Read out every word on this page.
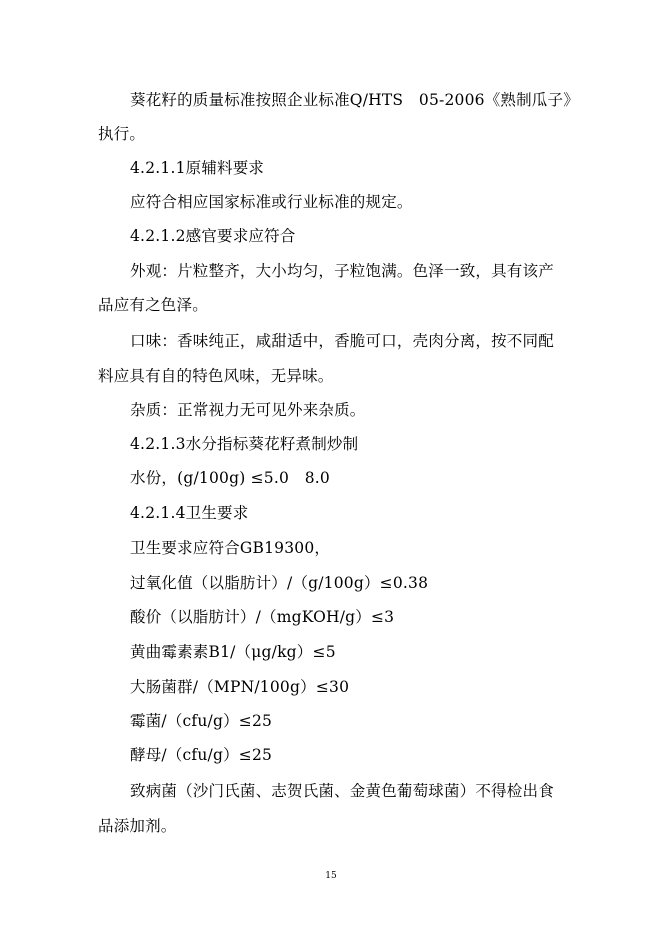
葵花籽的质量标准按照企业标准Q/HTS　05-2006《熟制瓜子》
执行。
4.2.1.1原辅料要求
应符合相应国家标准或行业标准的规定。
4.2.1.2感官要求应符合
外观：片粒整齐，大小均匀，子粒饱满。色泽一致，具有该产
品应有之色泽。
口味：香味纯正，咸甜适中，香脆可口，壳肉分离，按不同配
料应具有自的特色风味，无异味。
杂质：正常视力无可见外来杂质。
4.2.1.3水分指标葵花籽煮制炒制
水份，(g/100g) ≤5.0　8.0
4.2.1.4卫生要求
卫生要求应符合GB19300，
过氧化值（以脂肪计）/（g/100g）≤0.38
酸价（以脂肪计）/（mgKOH/g）≤3
黄曲霉素素B1/（μg/kg）≤5
大肠菌群/（MPN/100g）≤30
霉菌/（cfu/g）≤25
酵母/（cfu/g）≤25
致病菌（沙门氏菌、志贺氏菌、金黄色葡萄球菌）不得检出食
品添加剂。
15
